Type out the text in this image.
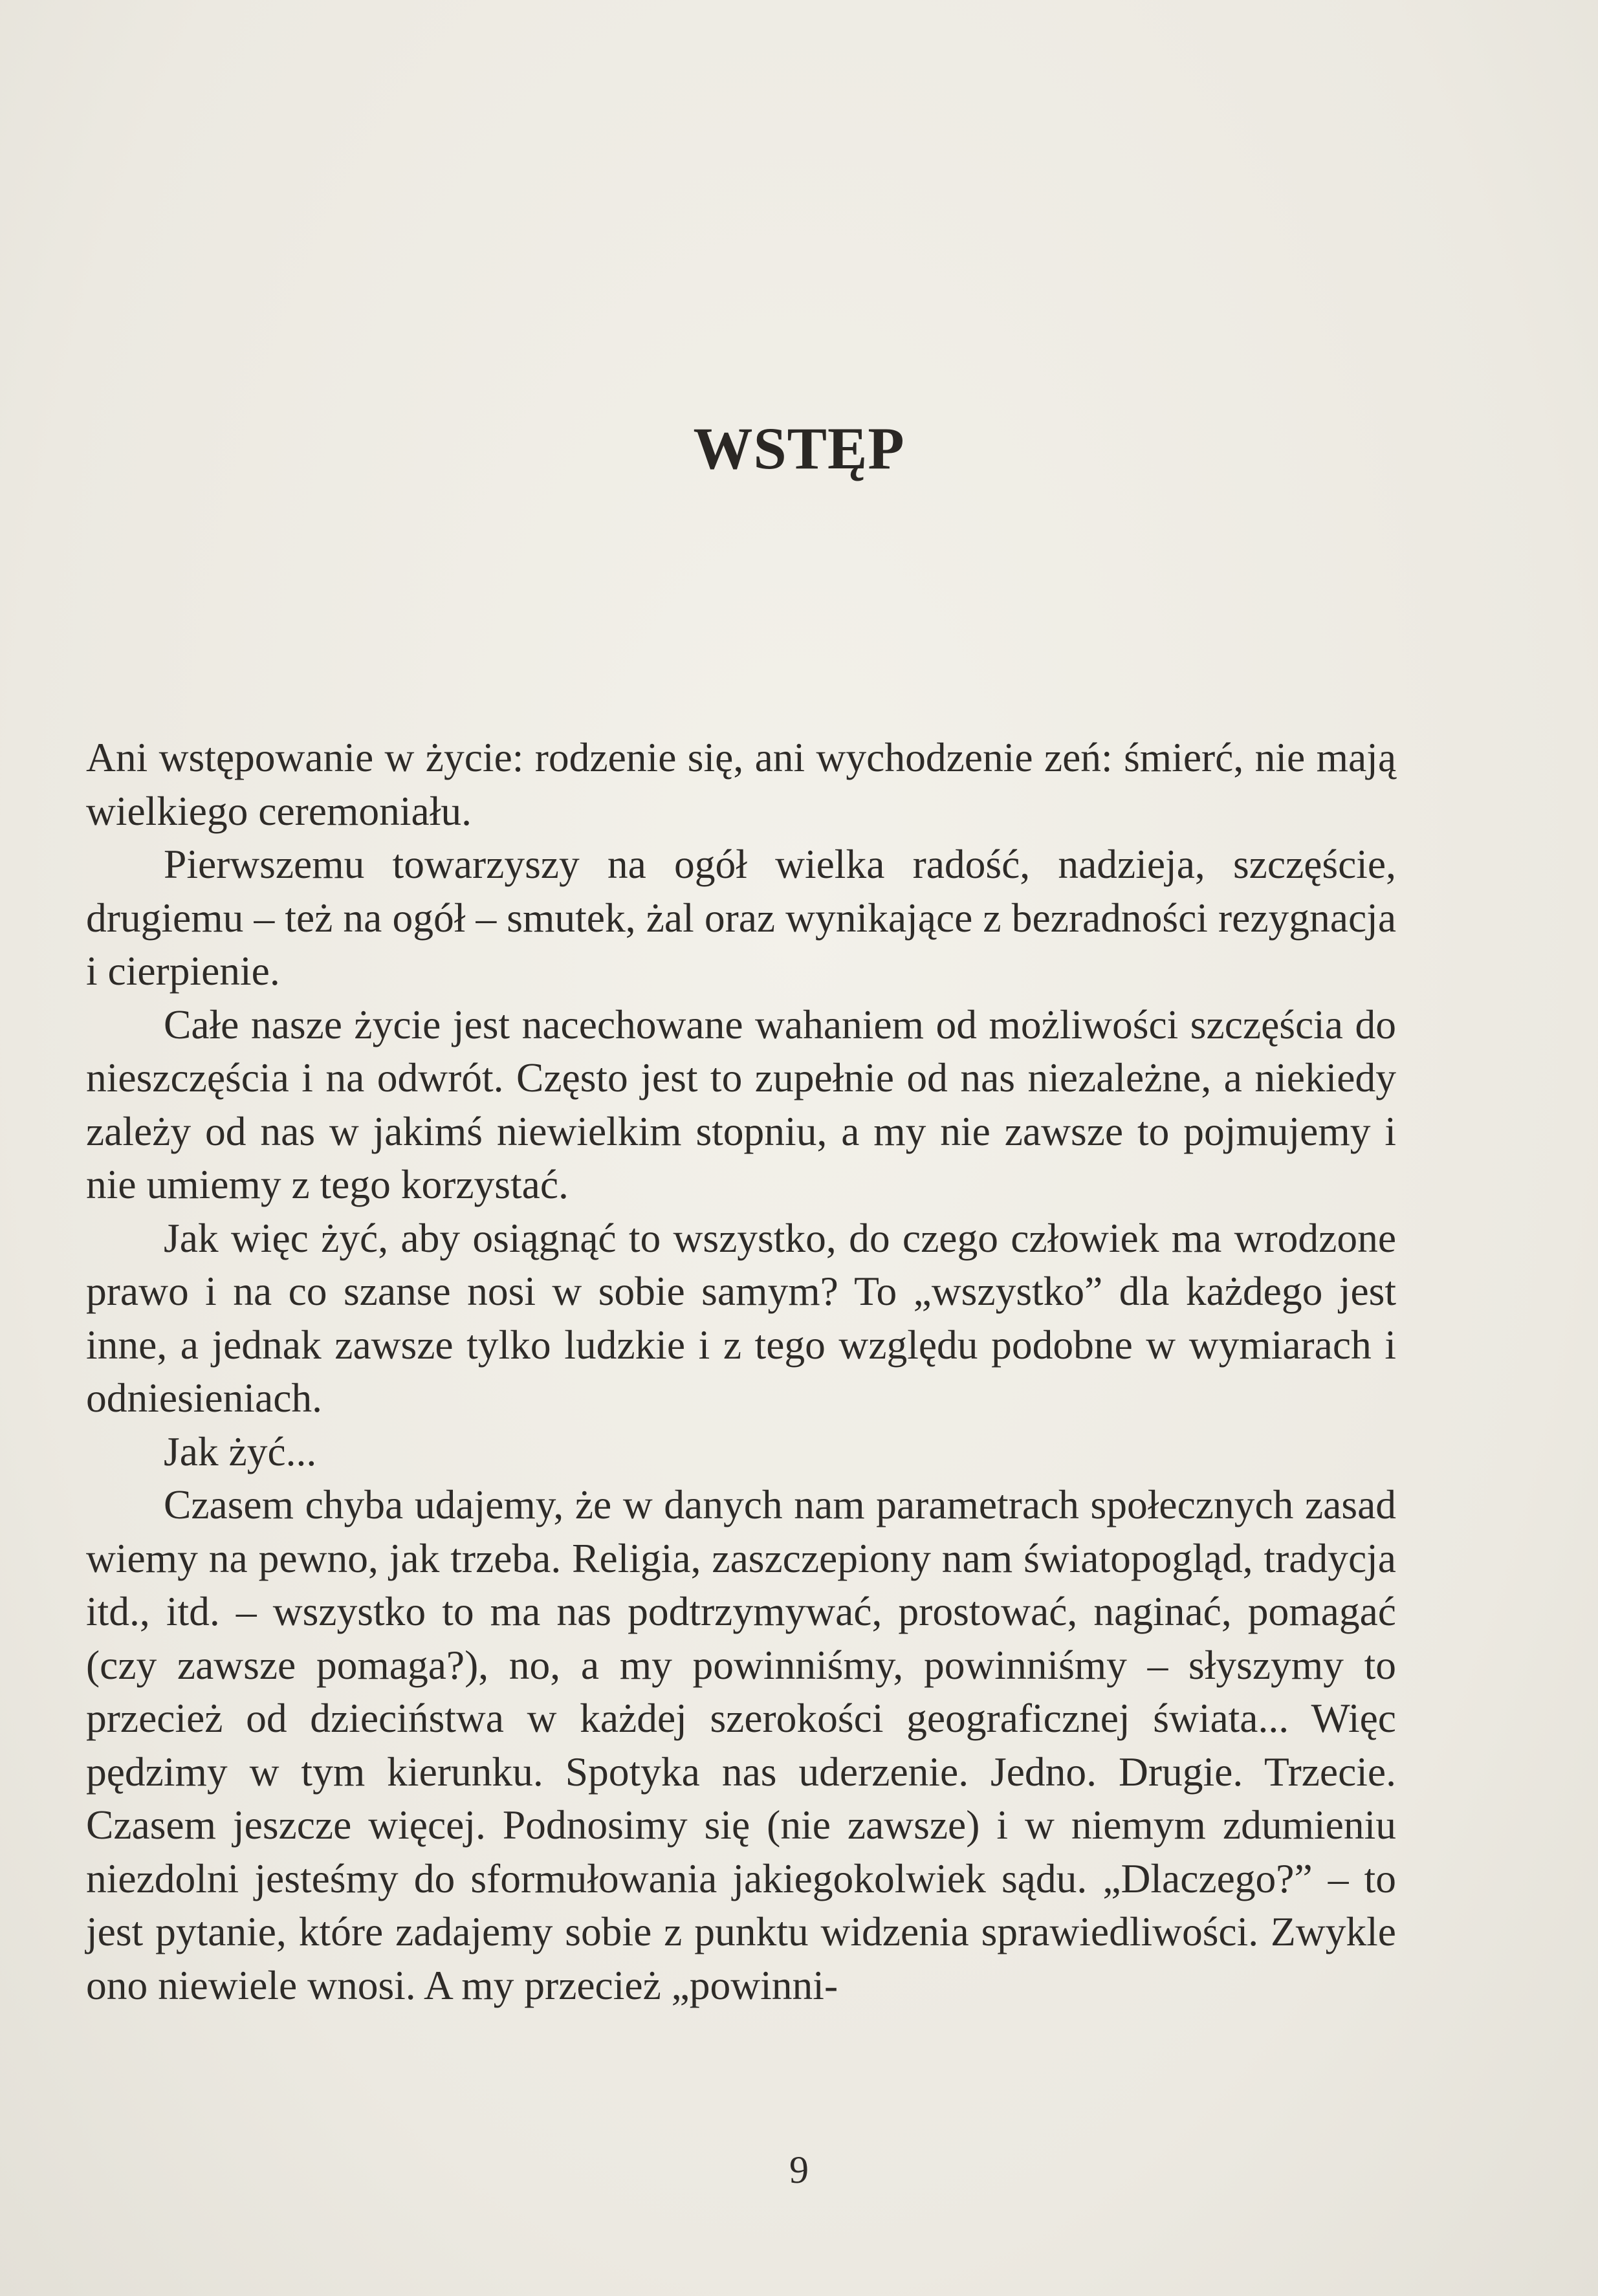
​ᅠ ᅠ ᅠ ᅠ ᅠ ᅠ ᅠ ᅠ ᅠ ᅠ ᅠ ᅠ ᅠ ᅠ ᅠ ᅠ ᅠ ᅠ ᅠ ᅠ ᅠ ᅠ ᅠ ᅠ ᅠ ᅠ ᅠ ᅠ ᅠ ᅠ
WSTĘP

Ani wstępowanie w życie: rodzenie się, ani wychodzenie zeń: śmierć, nie mają wielkiego ceremoniału.

Pierwszemu towarzyszy na ogół wielka radość, nadzieja, szczęście, drugiemu – też na ogół – smutek, żal oraz wynikające z bezradności rezygnacja i cierpienie.

Całe nasze życie jest nacechowane wahaniem od możliwości szczęścia do nieszczęścia i na odwrót. Często jest to zupełnie od nas niezależne, a niekiedy zależy od nas w jakimś niewielkim stopniu, a my nie zawsze to pojmujemy i nie umiemy z tego korzystać.

Jak więc żyć, aby osiągnąć to wszystko, do czego człowiek ma wrodzone prawo i na co szanse nosi w sobie samym? To „wszystko” dla każdego jest inne, a jednak zawsze tylko ludzkie i z tego względu podobne w wymiarach i odniesieniach.

Jak żyć...

Czasem chyba udajemy, że w danych nam parametrach społecznych zasad wiemy na pewno, jak trzeba. Religia, zaszczepiony nam światopogląd, tradycja itd., itd. – wszystko to ma nas podtrzymywać, prostować, naginać, pomagać (czy zawsze pomaga?), no, a my powinniśmy, powinniśmy – słyszymy to przecież od dzieciństwa w każdej szerokości geograficznej świata... Więc pędzimy w tym kierunku. Spotyka nas uderzenie. Jedno. Drugie. Trzecie. Czasem jeszcze więcej. Podnosimy się (nie zawsze) i w niemym zdumieniu niezdolni jesteśmy do sformułowania jakiegokolwiek sądu. „Dlaczego?” – to jest pytanie, które zadajemy sobie z punktu widzenia sprawiedliwości. Zwykle ono niewiele wnosi. A my przecież „powinni-

9
